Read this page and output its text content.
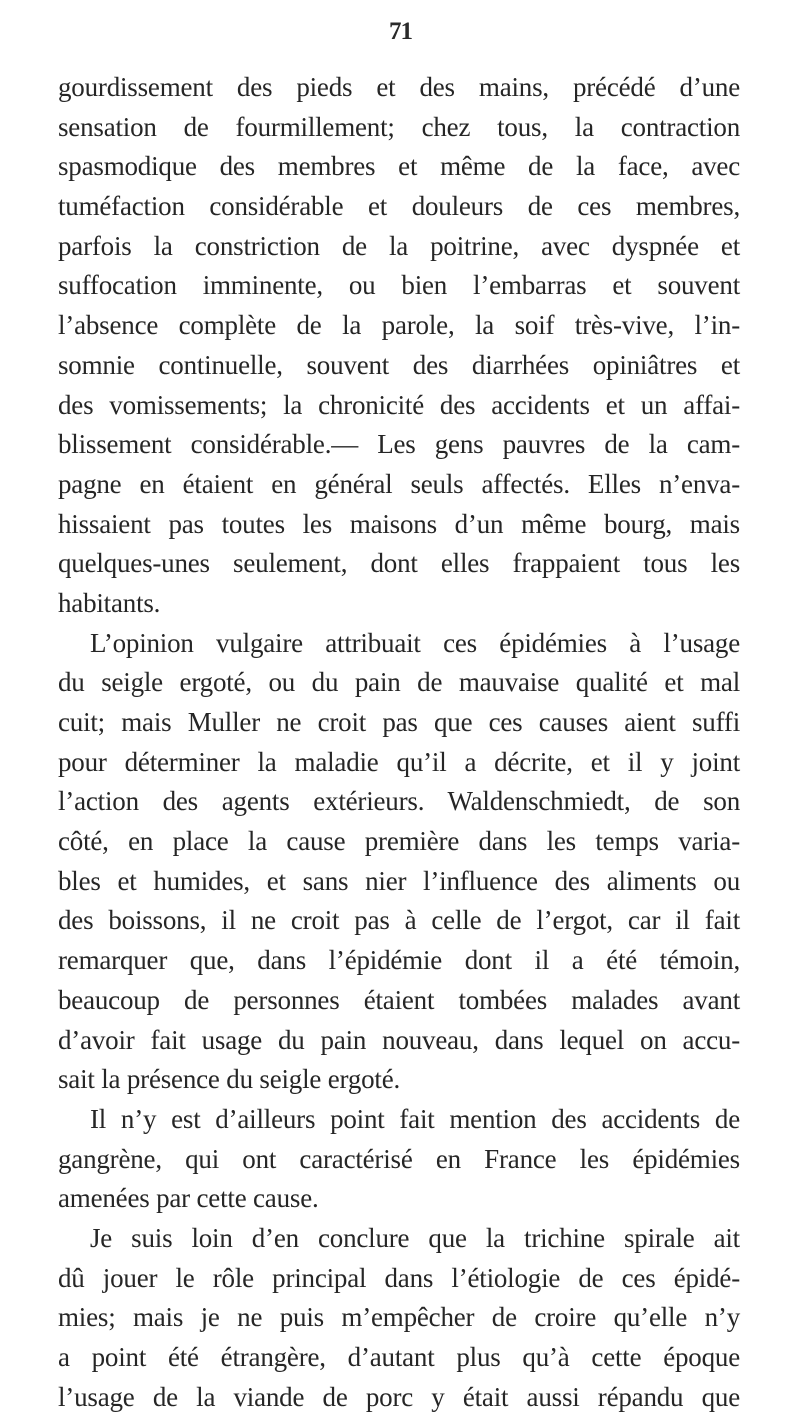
71
gourdissement des pieds et des mains, précédé d’une
sensation de fourmillement; chez tous, la contraction
spasmodique des membres et même de la face, avec
tuméfaction considérable et douleurs de ces membres,
parfois la constriction de la poitrine, avec dyspnée et
suffocation imminente, ou bien l’embarras et souvent
l’absence complète de la parole, la soif très-vive, l’in-
somnie continuelle, souvent des diarrhées opiniâtres et
des vomissements; la chronicité des accidents et un affai-
blissement considérable.— Les gens pauvres de la cam-
pagne en étaient en général seuls affectés. Elles n’enva-
hissaient pas toutes les maisons d’un même bourg, mais
quelques-unes seulement, dont elles frappaient tous les
habitants.
L’opinion vulgaire attribuait ces épidémies à l’usage
du seigle ergoté, ou du pain de mauvaise qualité et mal
cuit; mais Muller ne croit pas que ces causes aient suffi
pour déterminer la maladie qu’il a décrite, et il y joint
l’action des agents extérieurs. Waldenschmiedt, de son
côté, en place la cause première dans les temps varia-
bles et humides, et sans nier l’influence des aliments ou
des boissons, il ne croit pas à celle de l’ergot, car il fait
remarquer que, dans l’épidémie dont il a été témoin,
beaucoup de personnes étaient tombées malades avant
d’avoir fait usage du pain nouveau, dans lequel on accu-
sait la présence du seigle ergoté.
Il n’y est d’ailleurs point fait mention des accidents de
gangrène, qui ont caractérisé en France les épidémies
amenées par cette cause.
Je suis loin d’en conclure que la trichine spirale ait
dû jouer le rôle principal dans l’étiologie de ces épidé-
mies; mais je ne puis m’empêcher de croire qu’elle n’y
a point été étrangère, d’autant plus qu’à cette époque
l’usage de la viande de porc y était aussi répandu que
